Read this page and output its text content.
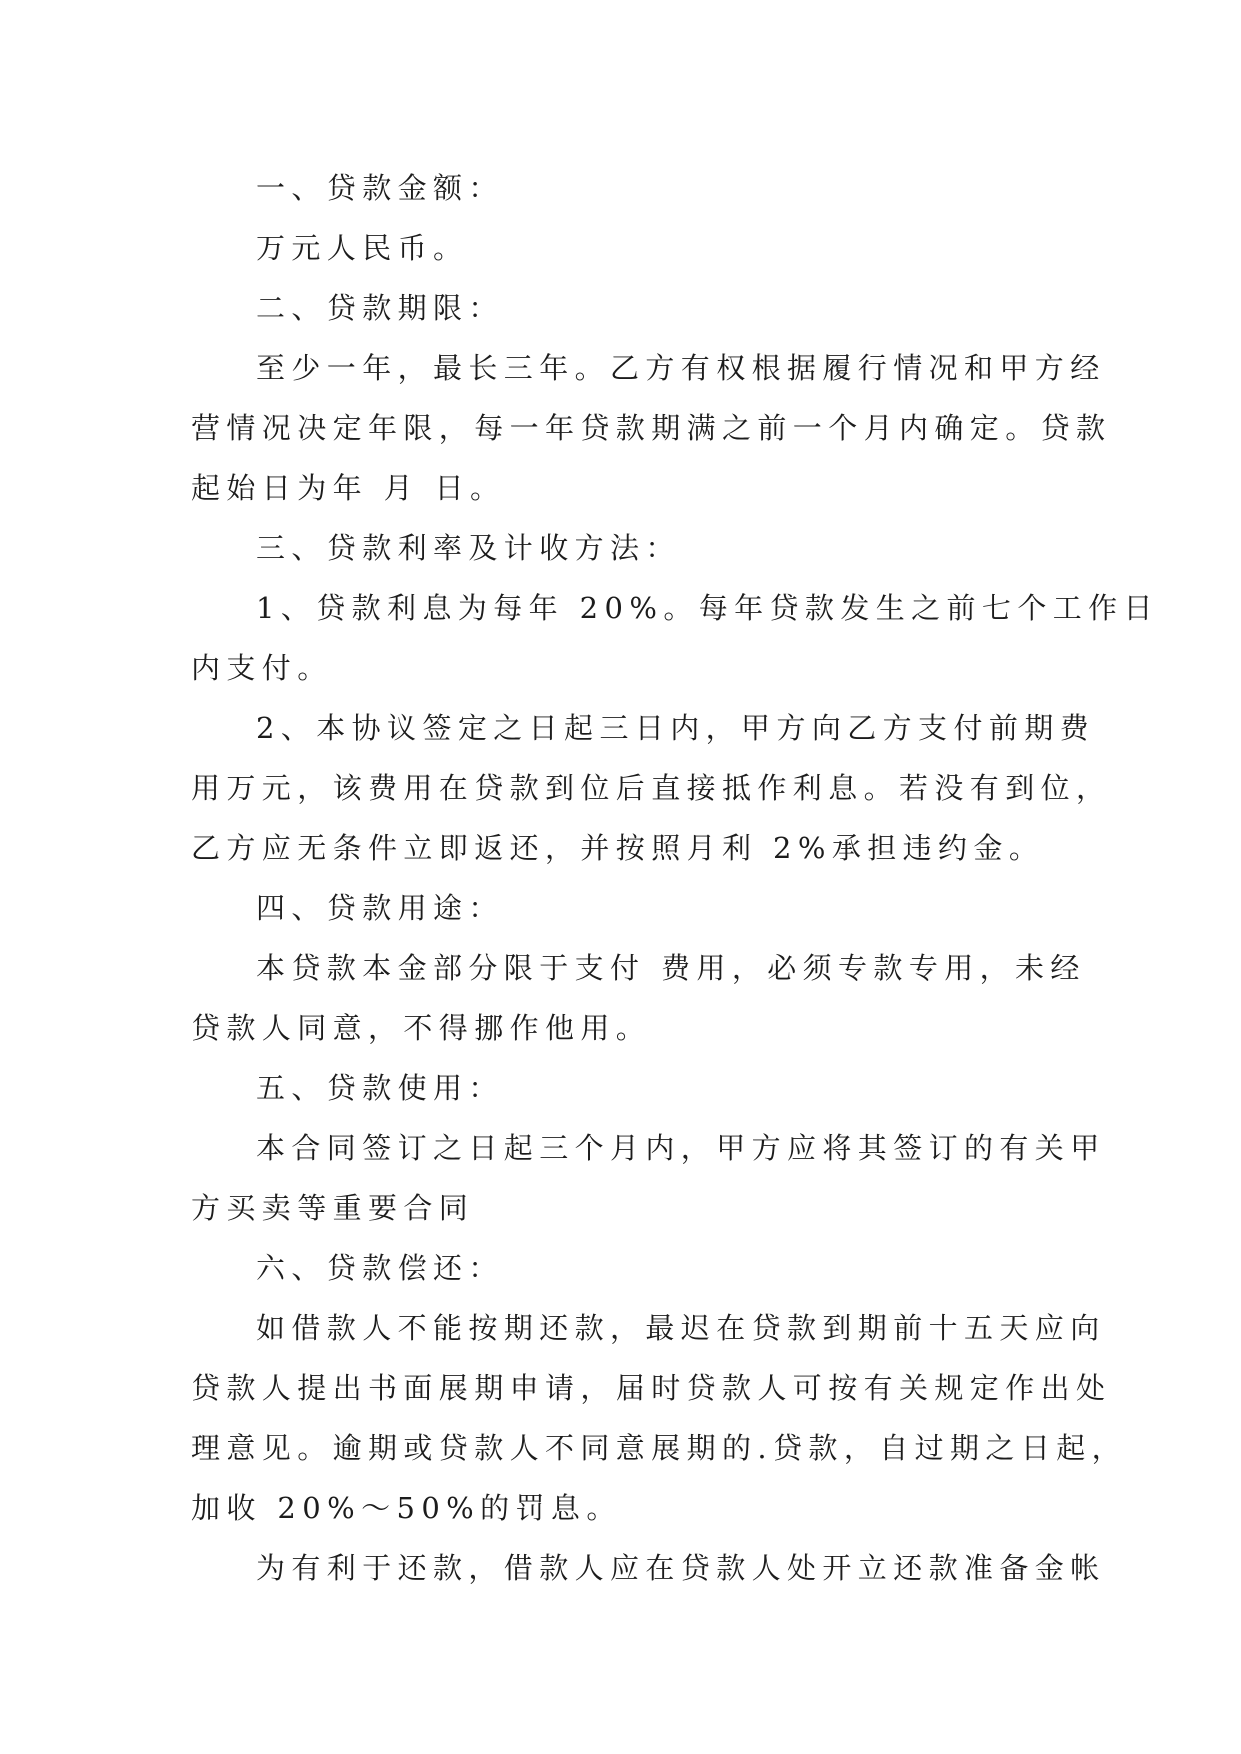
一、贷款金额：
万元人民币。
二、贷款期限：
至少一年，最长三年。乙方有权根据履行情况和甲方经
营情况决定年限，每一年贷款期满之前一个月内确定。贷款
起始日为年 月 日。
三、贷款利率及计收方法：
1、贷款利息为每年 20%。每年贷款发生之前七个工作日
内支付。
2、本协议签定之日起三日内，甲方向乙方支付前期费
用万元，该费用在贷款到位后直接抵作利息。若没有到位，
乙方应无条件立即返还，并按照月利 2%承担违约金。
四、贷款用途：
本贷款本金部分限于支付 费用，必须专款专用，未经
贷款人同意，不得挪作他用。
五、贷款使用：
本合同签订之日起三个月内，甲方应将其签订的有关甲
方买卖等重要合同
六、贷款偿还：
如借款人不能按期还款，最迟在贷款到期前十五天应向
贷款人提出书面展期申请，届时贷款人可按有关规定作出处
理意见。逾期或贷款人不同意展期的.贷款，自过期之日起，
加收 20%～50%的罚息。
为有利于还款，借款人应在贷款人处开立还款准备金帐
